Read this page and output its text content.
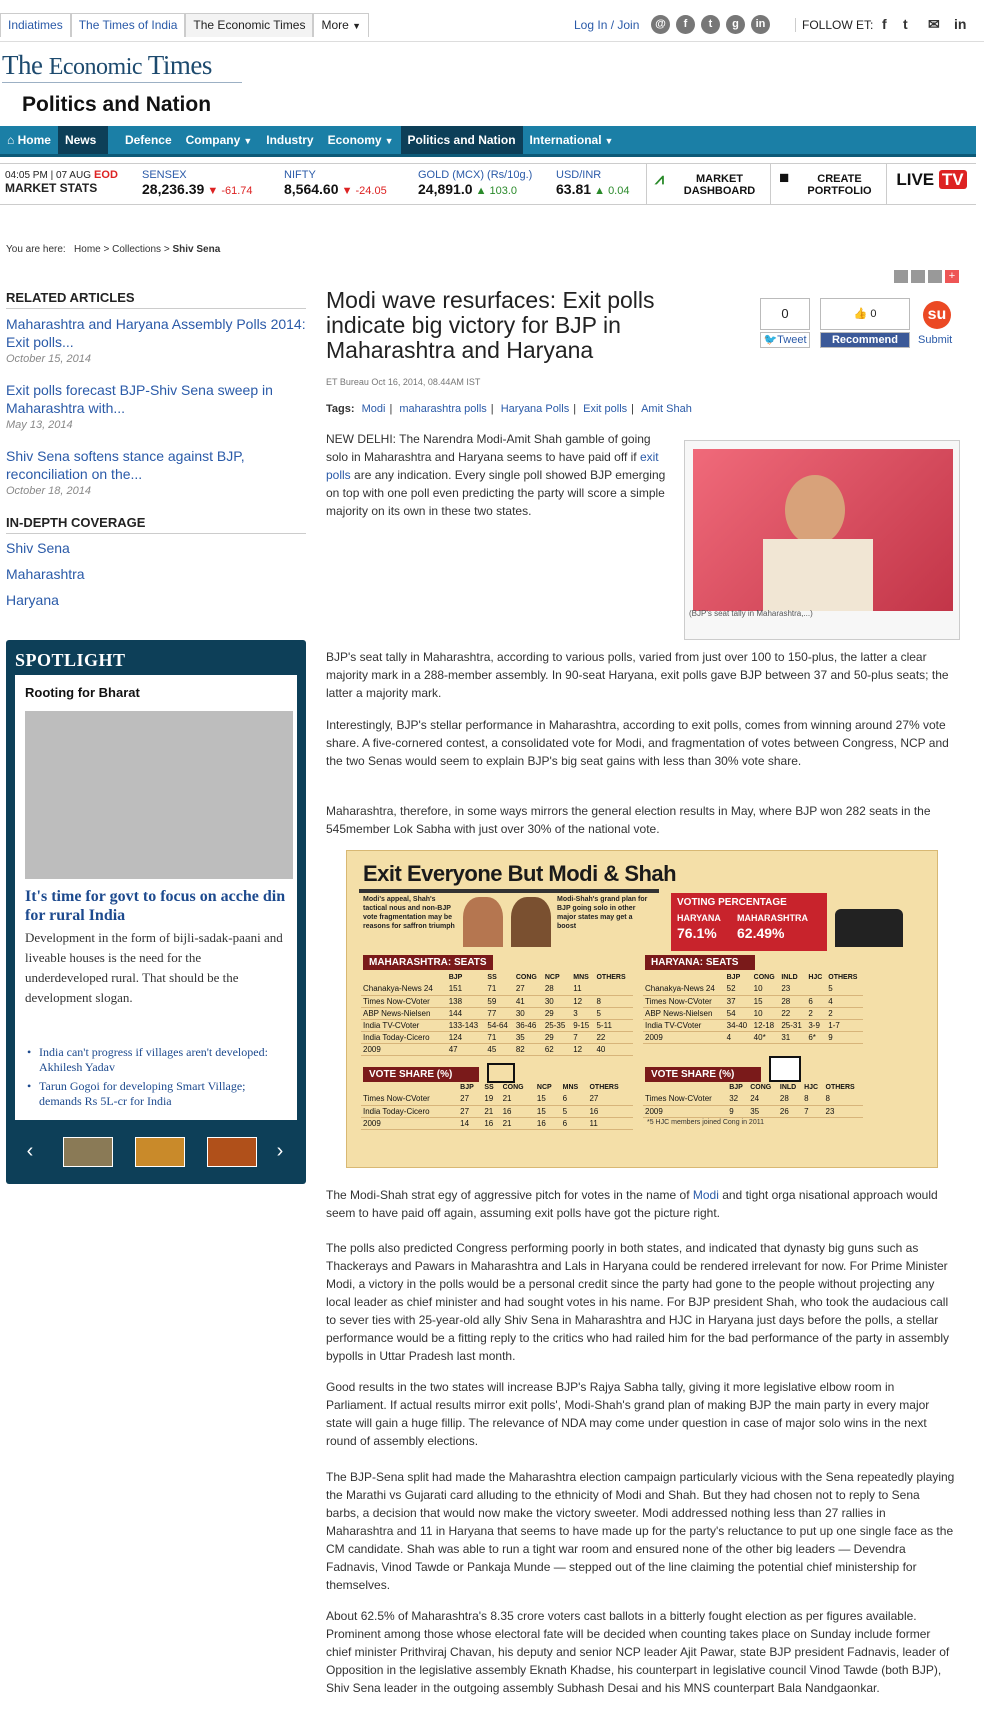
Indiatimes	The Times of India	The Economic Times	More ▼	Log In / Join	@	f	t	g	in	FOLLOW ET: f t	in
✉
The Economic Times
Politics and Nation
⌂ Home	News	Defence	Company ▼	Industry	Economy ▼	Politics and Nation	International ▼
04:05 PM | 07 AUG EOD
MARKET STATS
SENSEX
28,236.39 ▼ -61.74
NIFTY
8,564.60 ▼ -24.05
GOLD (MCX) (Rs/10g.)
24,891.0 ▲ 103.0
USD/INR
63.81 ▲ 0.04
⩘	MARKET
DASHBOARD
■	CREATE
PORTFOLIO
LIVE TV
You are here: Home > Collections > Shiv Sena
RELATED ARTICLES
Maharashtra and Haryana Assembly Polls 2014: Exit polls...
October 15, 2014
Exit polls forecast BJP-Shiv Sena sweep in Maharashtra with...
May 13, 2014
Shiv Sena softens stance against BJP, reconciliation on the...
October 18, 2014
IN-DEPTH COVERAGE
Shiv Sena
Maharashtra
Haryana
SPOTLIGHT
Rooting for Bharat
It's time for govt to focus on acche din for rural India
Development in the form of bijli-sadak-paani and liveable houses is the need for the underdeveloped rural. That should be the development slogan.
• India can't progress if villages aren't developed: Akhilesh Yadav
• Tarun Gogoi for developing Smart Village; demands Rs 5L-cr for India
‹	›
+
Modi wave resurfaces: Exit polls indicate big victory for BJP in Maharashtra and Haryana
ET Bureau Oct 16, 2014, 08.44AM IST
Tags: Modi | maharashtra polls | Haryana Polls | Exit polls | Amit Shah
0
🐦Tweet
👍 0
Recommend
su
Submit
NEW DELHI: The Narendra Modi-Amit Shah gamble of going solo in Maharashtra and Haryana seems to have paid off if exit polls are any indication. Every single poll showed BJP emerging on top with one poll even predicting the party will score a simple majority on its own in these two states.
(BJP's seat tally in Maharashtra,...)

BJP's seat tally in Maharashtra, according to various polls, varied from just over 100 to 150-plus, the latter a clear majority mark in a 288-member assembly. In 90-seat Haryana, exit polls gave BJP between 37 and 50-plus seats; the latter a majority mark.

Interestingly, BJP's stellar performance in Maharashtra, according to exit polls, comes from winning around 27% vote share. A five-cornered contest, a consolidated vote for Modi, and fragmentation of votes between Congress, NCP and the two Senas would seem to explain BJP's big seat gains with less than 30% vote share.

Maharashtra, therefore, in some ways mirrors the general election results in May, where BJP won 282 seats in the 545member Lok Sabha with just over 30% of the national vote.

Exit Everyone But Modi & Shah
Modi's appeal, Shah's tactical nous and non-BJP vote fragmentation may be reasons for saffron triumph
Modi-Shah's grand plan for BJP going solo in other major states may get a boost
VOTING PERCENTAGE
HARYANA
76.1%
MAHARASHTRA
62.49%
MAHARASHTRA: SEATS
	BJP	SS	CONG	NCP	MNS	OTHERS
Chanakya-News 24	151	71	27	28	11	
Times Now-CVoter	138	59	41	30	12	8
ABP News-Nielsen	144	77	30	29	3	5
India TV-CVoter	133-143	54-64	36-46	25-35	9-15	5-11
India Today-Cicero	124	71	35	29	7	22
2009	47	45	82	62	12	40
HARYANA: SEATS
	BJP	CONG	INLD	HJC	OTHERS
Chanakya-News 24	52	10	23		5
Times Now-CVoter	37	15	28	6	4
ABP News-Nielsen	54	10	22	2	2
India TV-CVoter	34-40	12-18	25-31	3-9	1-7
2009	4	40*	31	6*	9
VOTE SHARE (%)
	BJP	SS	CONG	NCP	MNS	OTHERS
Times Now-CVoter	27	19	21	15	6	27
India Today-Cicero	27	21	16	15	5	16
2009	14	16	21	16	6	11
VOTE SHARE (%)
	BJP	CONG	INLD	HJC	OTHERS
Times Now-CVoter	32	24	28	8	8
2009	9	35	26	7	23
*5 HJC members joined Cong in 2011

The Modi-Shah strat egy of aggressive pitch for votes in the name of Modi and tight orga nisational approach would seem to have paid off again, assuming exit polls have got the picture right.

The polls also predicted Congress performing poorly in both states, and indicated that dynasty big guns such as Thackerays and Pawars in Maharashtra and Lals in Haryana could be rendered irrelevant for now. For Prime Minister Modi, a victory in the polls would be a personal credit since the party had gone to the people without projecting any local leader as chief minister and had sought votes in his name. For BJP president Shah, who took the audacious call to sever ties with 25-year-old ally Shiv Sena in Maharashtra and HJC in Haryana just days before the polls, a stellar performance would be a fitting reply to the critics who had railed him for the bad performance of the party in assembly bypolls in Uttar Pradesh last month.

Good results in the two states will increase BJP's Rajya Sabha tally, giving it more legislative elbow room in Parliament. If actual results mirror exit polls', Modi-Shah's grand plan of making BJP the main party in every major state will gain a huge fillip. The relevance of NDA may come under question in case of major solo wins in the next round of assembly elections.

The BJP-Sena split had made the Maharashtra election campaign particularly vicious with the Sena repeatedly playing the Marathi vs Gujarati card alluding to the ethnicity of Modi and Shah. But they had chosen not to reply to Sena barbs, a decision that would now make the victory sweeter. Modi addressed nothing less than 27 rallies in Maharashtra and 11 in Haryana that seems to have made up for the party's reluctance to put up one single face as the CM candidate. Shah was able to run a tight war room and ensured none of the other big leaders — Devendra Fadnavis, Vinod Tawde or Pankaja Munde — stepped out of the line claiming the potential chief ministership for themselves.

About 62.5% of Maharashtra's 8.35 crore voters cast ballots in a bitterly fought election as per figures available. Prominent among those whose electoral fate will be decided when counting takes place on Sunday include former chief minister Prithviraj Chavan, his deputy and senior NCP leader Ajit Pawar, state BJP president Fadnavis, leader of Opposition in the legislative assembly Eknath Khadse, his counterpart in legislative council Vinod Tawde (both BJP), Shiv Sena leader in the outgoing assembly Subhash Desai and his MNS counterpart Bala Nandgaonkar.
